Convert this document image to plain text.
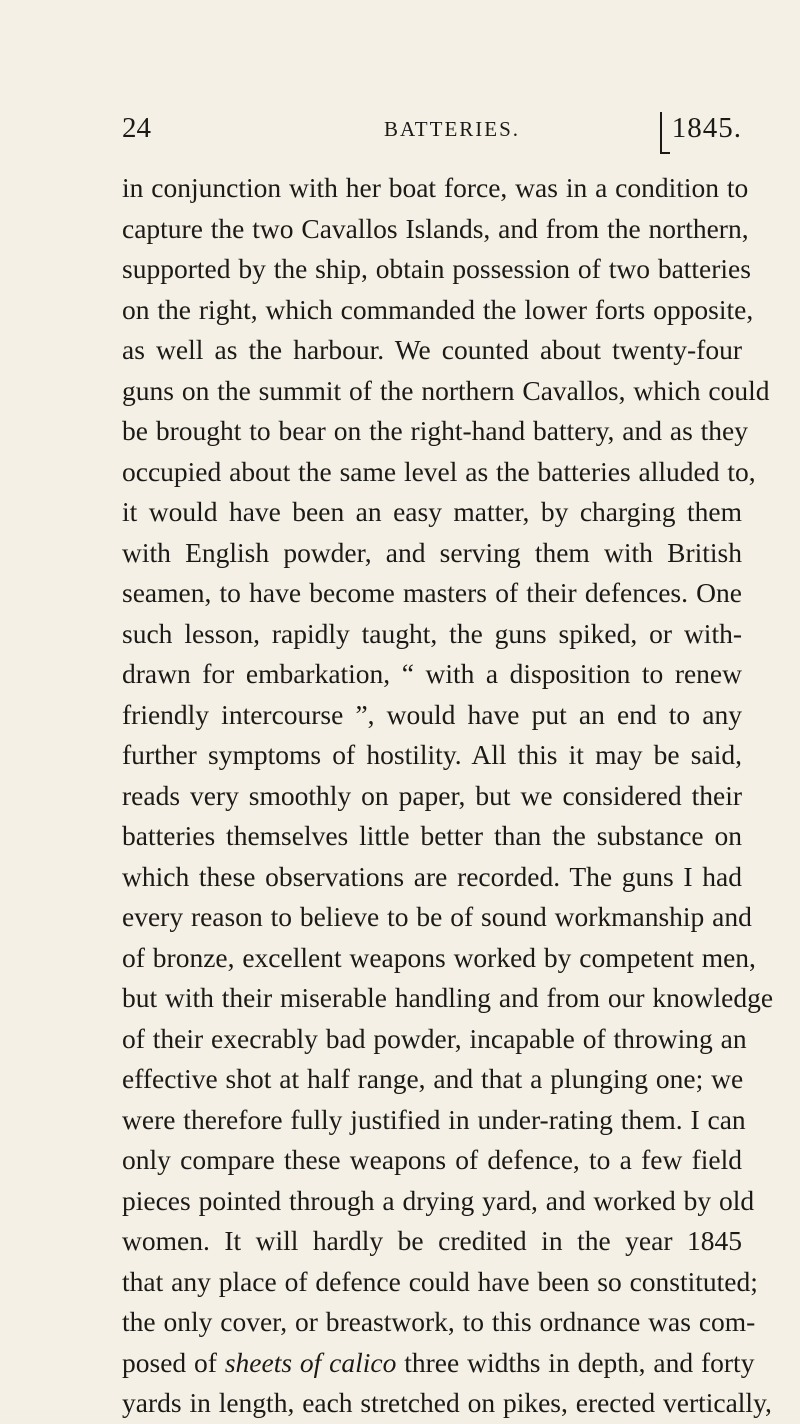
24	BATTERIES.	1845.
in conjunction with her boat force, was in a condition to
capture the two Cavallos Islands, and from the northern,
supported by the ship, obtain possession of two batteries
on the right, which commanded the lower forts opposite,
as well as the harbour. We counted about twenty-four
guns on the summit of the northern Cavallos, which could
be brought to bear on the right-hand battery, and as they
occupied about the same level as the batteries alluded to,
it would have been an easy matter, by charging them
with English powder, and serving them with British
seamen, to have become masters of their defences. One
such lesson, rapidly taught, the guns spiked, or with-
drawn for embarkation, “ with a disposition to renew
friendly intercourse ”, would have put an end to any
further symptoms of hostility. All this it may be said,
reads very smoothly on paper, but we considered their
batteries themselves little better than the substance on
which these observations are recorded. The guns I had
every reason to believe to be of sound workmanship and
of bronze, excellent weapons worked by competent men,
but with their miserable handling and from our knowledge
of their execrably bad powder, incapable of throwing an
effective shot at half range, and that a plunging one; we
were therefore fully justified in under-rating them. I can
only compare these weapons of defence, to a few field
pieces pointed through a drying yard, and worked by old
women. It will hardly be credited in the year 1845
that any place of defence could have been so constituted;
the only cover, or breastwork, to this ordnance was com-
posed of sheets of calico three widths in depth, and forty
yards in length, each stretched on pikes, erected vertically,
